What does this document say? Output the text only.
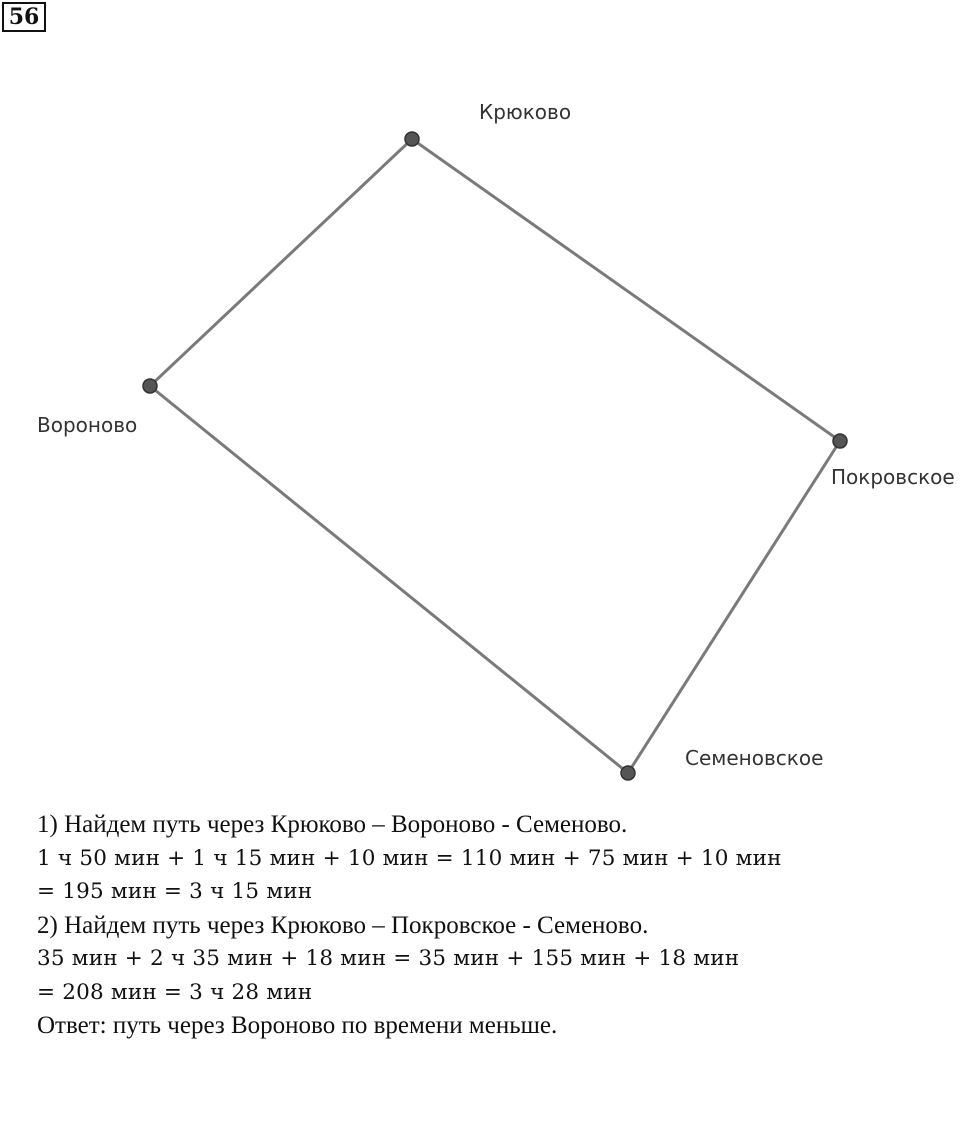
56
Крюково
Вороново
Покровское
Семеновское
1) Найдем путь через Крюково – Вороново - Семеново.
1 ч 50 мин + 1 ч 15 мин + 10 мин = 110 мин + 75 мин + 10 мин
= 195 мин = 3 ч 15 мин
2) Найдем путь через Крюково – Покровское - Семеново.
35 мин + 2 ч 35 мин + 18 мин = 35 мин + 155 мин + 18 мин
= 208 мин = 3 ч 28 мин
Ответ: путь через Вороново по времени меньше.
